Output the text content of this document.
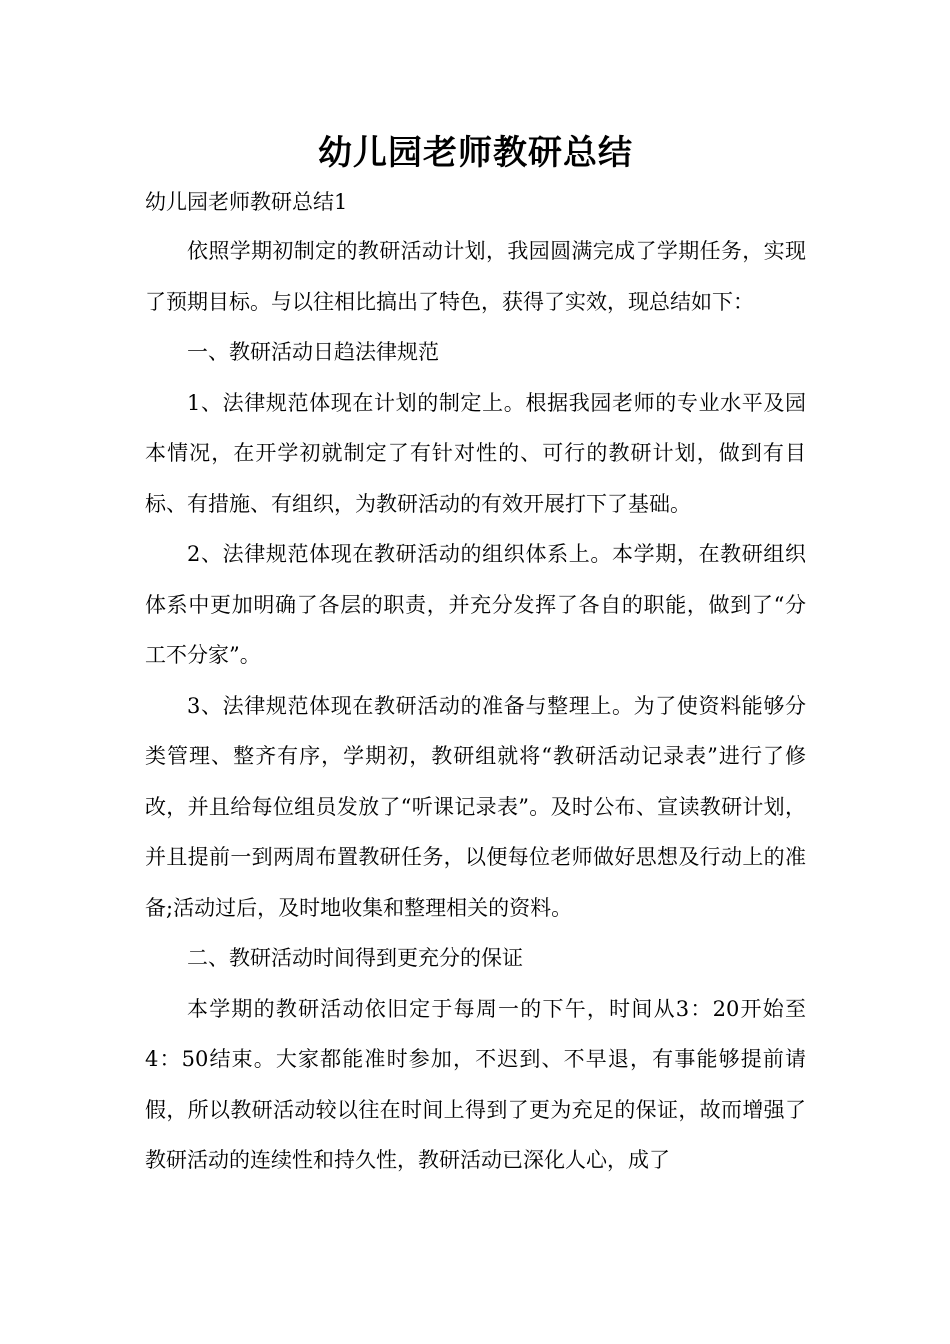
幼儿园老师教研总结

幼儿园老师教研总结1

依照学期初制定的教研活动计划，我园圆满完成了学期任务，实现了预期目标。与以往相比搞出了特色，获得了实效，现总结如下：

一、教研活动日趋法律规范

1、法律规范体现在计划的制定上。根据我园老师的专业水平及园本情况，在开学初就制定了有针对性的、可行的教研计划，做到有目标、有措施、有组织，为教研活动的有效开展打下了基础。

2、法律规范体现在教研活动的组织体系上。本学期，在教研组织体系中更加明确了各层的职责，并充分发挥了各自的职能，做到了“分工不分家”。

3、法律规范体现在教研活动的准备与整理上。为了使资料能够分类管理、整齐有序，学期初，教研组就将“教研活动记录表”进行了修改，并且给每位组员发放了“听课记录表”。及时公布、宣读教研计划，并且提前一到两周布置教研任务，以便每位老师做好思想及行动上的准备;活动过后，及时地收集和整理相关的资料。

二、教研活动时间得到更充分的保证

本学期的教研活动依旧定于每周一的下午，时间从3：20开始至4：50结束。大家都能准时参加，不迟到、不早退，有事能够提前请假，所以教研活动较以往在时间上得到了更为充足的保证，故而增强了教研活动的连续性和持久性，教研活动已深化人心，成了
